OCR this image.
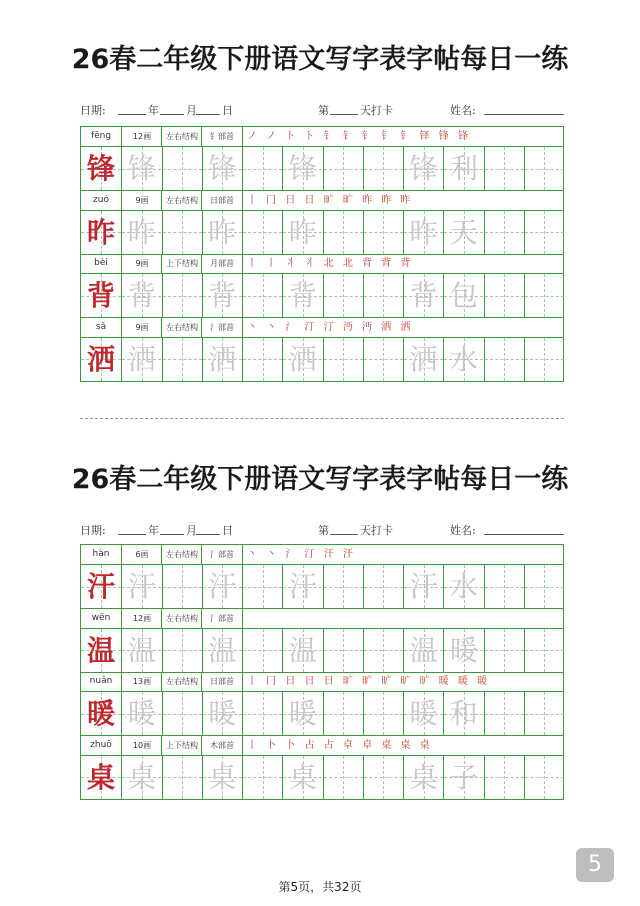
26春二年级下册语文写字表字帖每日一练
日期:	年 月 日	第	天打卡	姓名:
fēng	12画	左右结构	钅部首	ノ ノ ト ト 钅 钅 钅 钅 钅 铎 锋 锋
锋 锋 锋 锋	锋 利
zuó	9画	左右结构	日部首	丨 冂 日 日 旷 旷 昨 昨 昨
昨 昨 昨 昨	昨 天
bèi	9画	上下结构	月部首	丨 丨 丬 丬 北 北 背 背 背
背 背 背 背	背 包
sǎ	9画	左右结构	氵部首	丶 丶 氵 汀 汀 沔 沔 洒 洒
洒 洒 洒 洒	洒 水
26春二年级下册语文写字表字帖每日一练
日期:	年 月 日	第	天打卡	姓名:
hàn	6画	左右结构	氵部首	丶 丶 氵 汀 汗 汗
汗 汗 汗 汗	汗 水
wēn	12画	左右结构	氵部首
温 温 温 温	温 暖
nuǎn	13画	左右结构	日部首	丨 冂 日 日 日 旷 旷 旷 旷 旷 暖 暖 暖
暖 暖 暖 暖	暖 和
zhuō	10画	上下结构	木部首	丨 卜 卜 占 占 卓 卓 桌 桌 桌
桌 桌 桌 桌	桌 子
第5页，共32页
5
